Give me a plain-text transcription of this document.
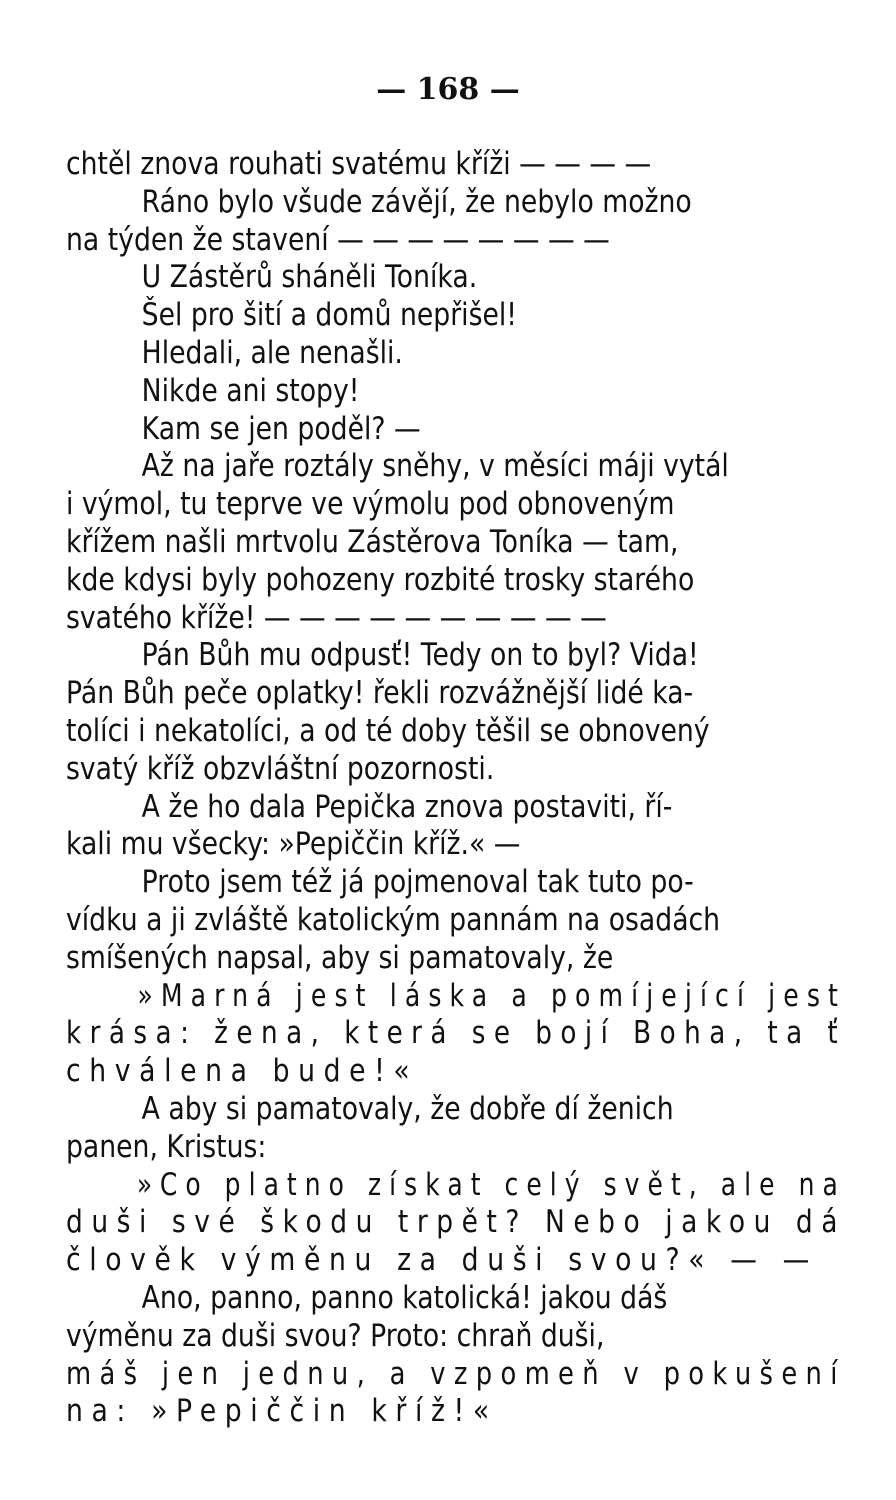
— 168 —
chtěl znova rouhati svatému kříži — — — —
Ráno bylo všude závějí, že nebylo možno
na týden že stavení — — — — — — — —
U Zástěrů sháněli Toníka.
Šel pro šití a domů nepřišel!
Hledali, ale nenašli.
Nikde ani stopy!
Kam se jen poděl? —
Až na jaře roztály sněhy, v měsíci máji vytál
i výmol, tu teprve ve výmolu pod obnoveným
křížem našli mrtvolu Zástěrova Toníka — tam,
kde kdysi byly pohozeny rozbité trosky starého
svatého kříže! — — — — — — — — — —
Pán Bůh mu odpusť! Tedy on to byl? Vida!
Pán Bůh peče oplatky! řekli rozvážnější lidé ka-
tolíci i nekatolíci, a od té doby těšil se obnovený
svatý kříž obzvláštní pozornosti.
A že ho dala Pepička znova postaviti, ří-
kali mu všecky: »Pepiččin kříž.« —
Proto jsem též já pojmenoval tak tuto po-
vídku a ji zvláště katolickým pannám na osadách
smíšených napsal, aby si pamatovaly, že
»Marná jest láska a pomíjející jest
krása: žena, která se bojí Boha, ta ť
chválena bude!«
A aby si pamatovaly, že dobře dí ženich
panen, Kristus:
»Co platno získat celý svět, ale na
duši své škodu trpět? Nebo jakou dá
člověk výměnu za duši svou?« — —
Ano, panno, panno katolická! jakou dáš
výměnu za duši svou? Proto: chraň duši,
máš jen jednu, a vzpomeň v pokušení
na: »Pepiččin kříž!«
